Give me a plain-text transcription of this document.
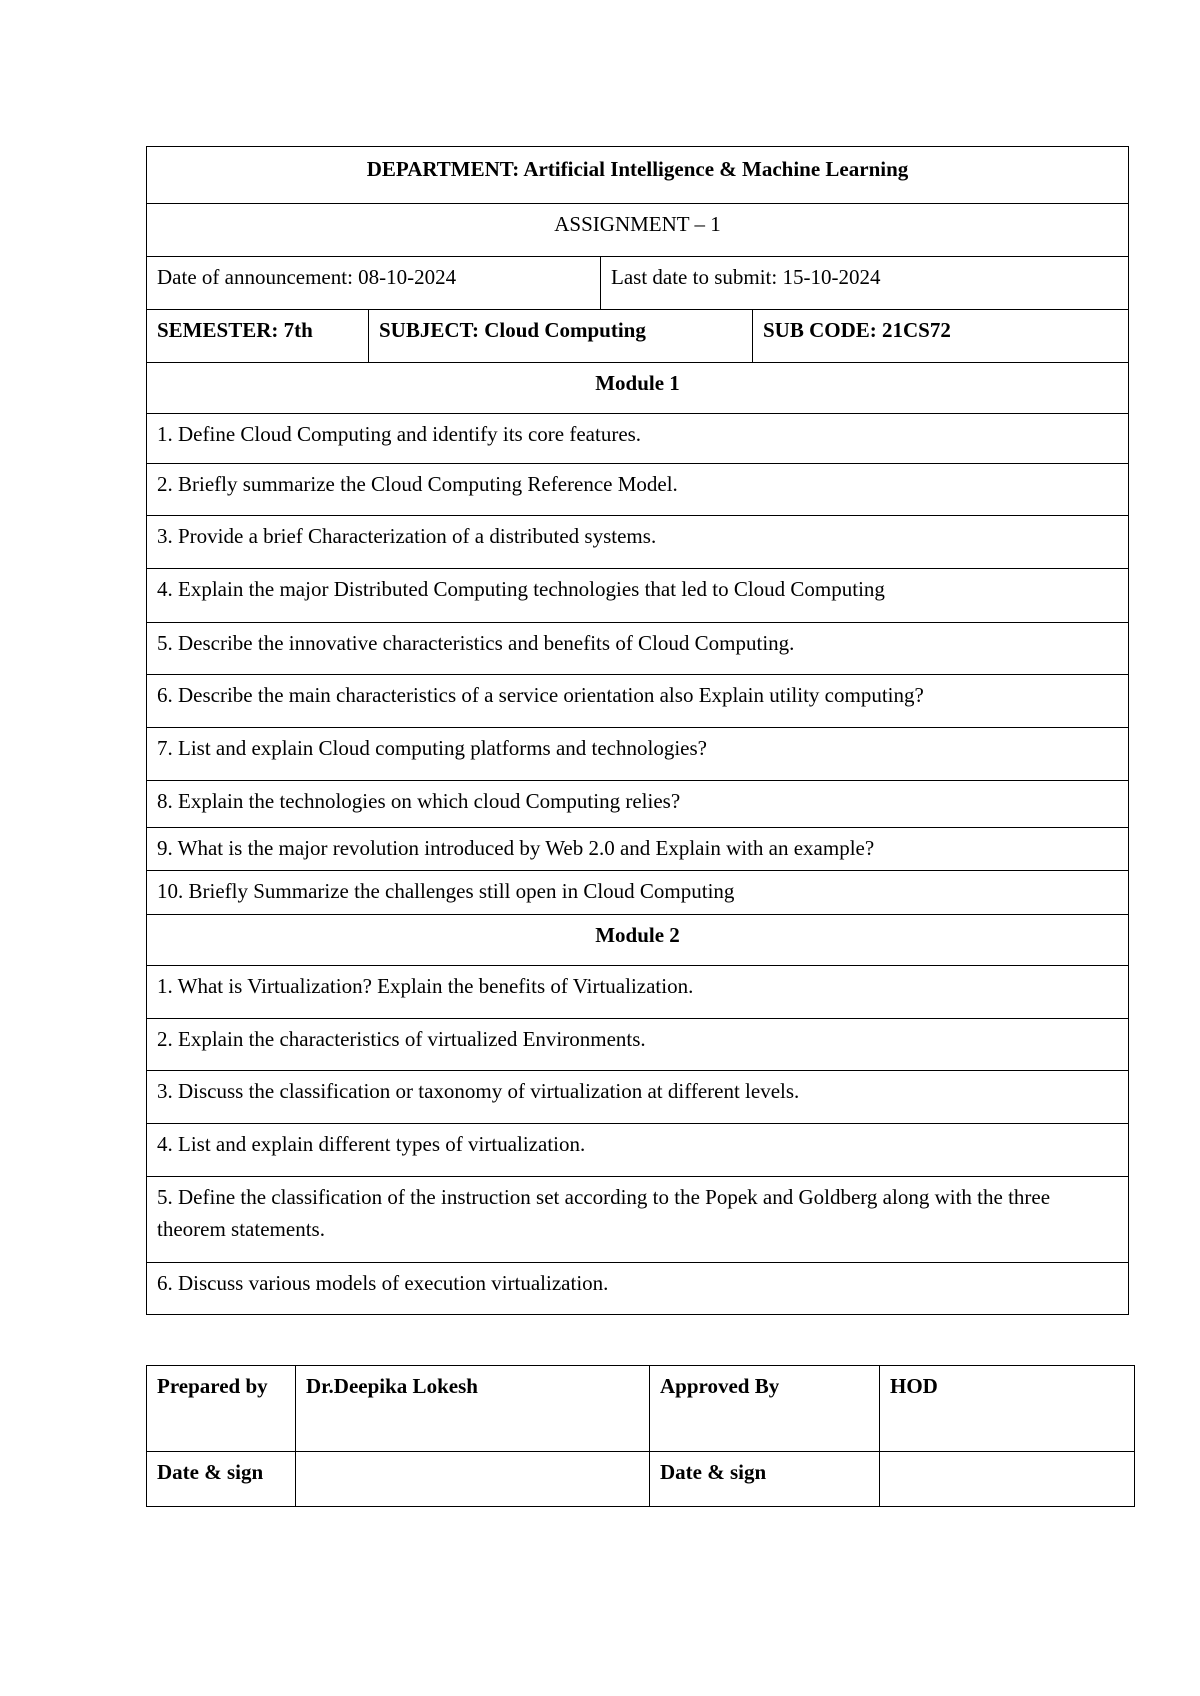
DEPARTMENT: Artificial Intelligence & Machine Learning			
ASSIGNMENT – 1			
Date of announcement: 08-10-2024		Last date to submit: 15-10-2024	
SEMESTER: 7th	SUBJECT: Cloud Computing		SUB CODE: 21CS72
Module 1			
1. Define Cloud Computing and identify its core features.			
2. Briefly summarize the Cloud Computing Reference Model.			
3. Provide a brief Characterization of a distributed systems.			
4. Explain the major Distributed Computing technologies that led to Cloud Computing			
5. Describe the innovative characteristics and benefits of Cloud Computing.			
6. Describe the main characteristics of a service orientation also Explain utility computing?			
7. List and explain Cloud computing platforms and technologies?			
8. Explain the technologies on which cloud Computing relies?			
9. What is the major revolution introduced by Web 2.0 and Explain with an example?			
10. Briefly Summarize the challenges still open in Cloud Computing			
Module 2			
1. What is Virtualization? Explain the benefits of Virtualization.			
2. Explain the characteristics of virtualized Environments.			
3. Discuss the classification or taxonomy of virtualization at different levels.			
4. List and explain different types of virtualization.			
5. Define the classification of the instruction set according to the Popek and Goldberg along with the three theorem statements.			
6. Discuss various models of execution virtualization.			
Prepared by	Dr.Deepika Lokesh	Approved By	HOD
Date & sign		Date & sign	
